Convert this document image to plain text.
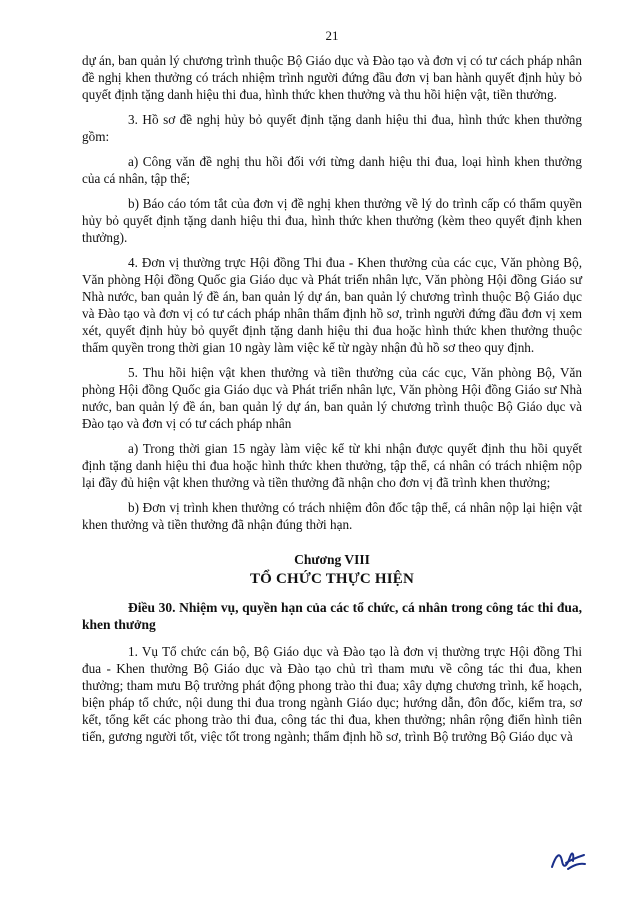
21

dự án, ban quản lý chương trình thuộc Bộ Giáo dục và Đào tạo và đơn vị có tư cách pháp nhân đề nghị khen thưởng có trách nhiệm trình người đứng đầu đơn vị ban hành quyết định hủy bỏ quyết định tặng danh hiệu thi đua, hình thức khen thưởng và thu hồi hiện vật, tiền thưởng.

3. Hồ sơ đề nghị hủy bỏ quyết định tặng danh hiệu thi đua, hình thức khen thưởng gồm:

a) Công văn đề nghị thu hồi đối với từng danh hiệu thi đua, loại hình khen thưởng của cá nhân, tập thể;

b) Báo cáo tóm tắt của đơn vị đề nghị khen thưởng về lý do trình cấp có thẩm quyền hủy bỏ quyết định tặng danh hiệu thi đua, hình thức khen thưởng (kèm theo quyết định khen thưởng).

4. Đơn vị thường trực Hội đồng Thi đua - Khen thưởng của các cục, Văn phòng Bộ, Văn phòng Hội đồng Quốc gia Giáo dục và Phát triển nhân lực, Văn phòng Hội đồng Giáo sư Nhà nước, ban quản lý đề án, ban quản lý dự án, ban quản lý chương trình thuộc Bộ Giáo dục và Đào tạo và đơn vị có tư cách pháp nhân thẩm định hồ sơ, trình người đứng đầu đơn vị xem xét, quyết định hủy bỏ quyết định tặng danh hiệu thi đua hoặc hình thức khen thưởng thuộc thẩm quyền trong thời gian 10 ngày làm việc kể từ ngày nhận đủ hồ sơ theo quy định.

5. Thu hồi hiện vật khen thưởng và tiền thưởng của các cục, Văn phòng Bộ, Văn phòng Hội đồng Quốc gia Giáo dục và Phát triển nhân lực, Văn phòng Hội đồng Giáo sư Nhà nước, ban quản lý đề án, ban quản lý dự án, ban quản lý chương trình thuộc Bộ Giáo dục và Đào tạo và đơn vị có tư cách pháp nhân

a) Trong thời gian 15 ngày làm việc kể từ khi nhận được quyết định thu hồi quyết định tặng danh hiệu thi đua hoặc hình thức khen thưởng, tập thể, cá nhân có trách nhiệm nộp lại đầy đủ hiện vật khen thưởng và tiền thưởng đã nhận cho đơn vị đã trình khen thưởng;

b) Đơn vị trình khen thưởng có trách nhiệm đôn đốc tập thể, cá nhân nộp lại hiện vật khen thưởng và tiền thưởng đã nhận đúng thời hạn.

Chương VIII
TỔ CHỨC THỰC HIỆN
Điều 30. Nhiệm vụ, quyền hạn của các tổ chức, cá nhân trong công tác thi đua, khen thưởng

1. Vụ Tổ chức cán bộ, Bộ Giáo dục và Đào tạo là đơn vị thường trực Hội đồng Thi đua - Khen thưởng Bộ Giáo dục và Đào tạo chủ trì tham mưu về công tác thi đua, khen thưởng; tham mưu Bộ trưởng phát động phong trào thi đua; xây dựng chương trình, kế hoạch, biện pháp tổ chức, nội dung thi đua trong ngành Giáo dục; hướng dẫn, đôn đốc, kiểm tra, sơ kết, tổng kết các phong trào thi đua, công tác thi đua, khen thưởng; nhân rộng điển hình tiên tiến, gương người tốt, việc tốt trong ngành; thẩm định hồ sơ, trình Bộ trưởng Bộ Giáo dục và
